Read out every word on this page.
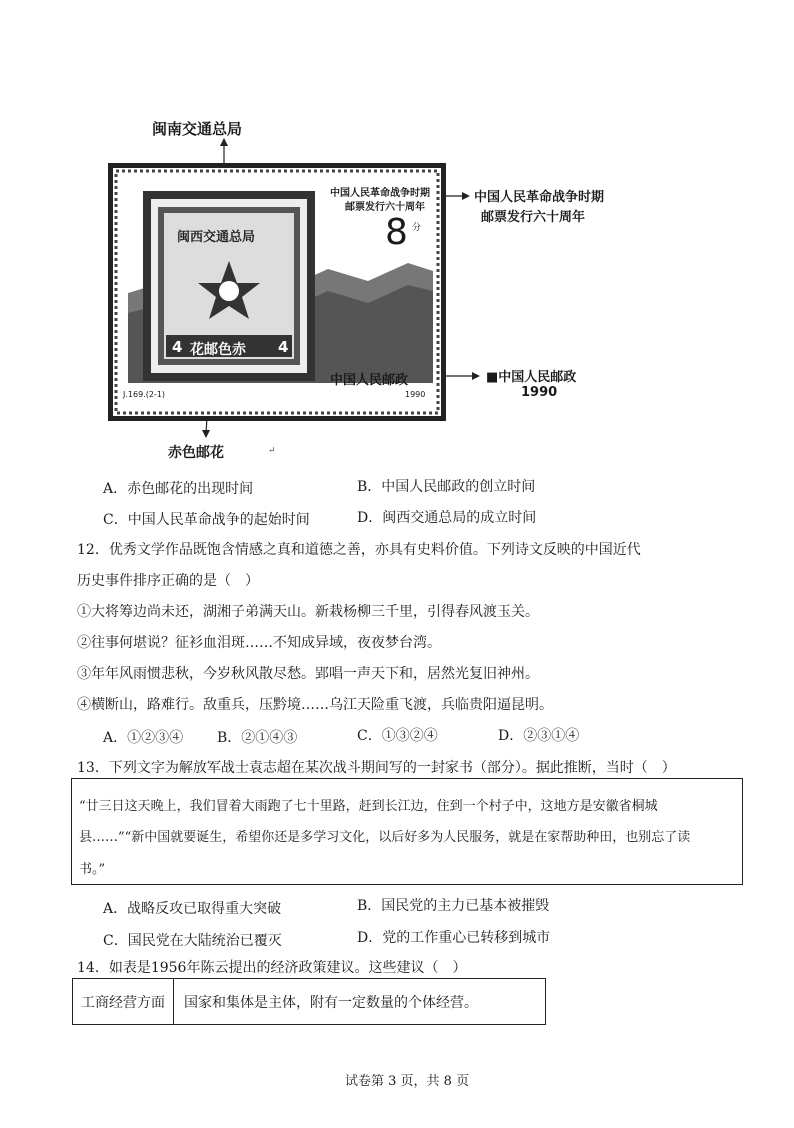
闽南交通总局
闽西交通总局
花邮色赤
4	4
中国人民革命战争时期
邮票发行六十周年
8 分
中国人民邮政
J.169.(2-1)	1990
中国人民革命战争时期
邮票发行六十周年
■中国人民邮政
1990
赤色邮花	↵
A．赤色邮花的出现时间	B．中国人民邮政的创立时间
C．中国人民革命战争的起始时间	D．闽西交通总局的成立时间
12．优秀文学作品既饱含情感之真和道德之善，亦具有史料价值。下列诗文反映的中国近代
历史事件排序正确的是（　）
①大将筹边尚未还，湖湘子弟满天山。新栽杨柳三千里，引得春风渡玉关。
②往事何堪说？征衫血泪斑……不知成异域，夜夜梦台湾。
③年年风雨惯悲秋，今岁秋风散尽愁。郢唱一声天下和，居然光复旧神州。
④横断山，路难行。敌重兵，压黔境……乌江天险重飞渡，兵临贵阳逼昆明。
A．①②③④ B．②①④③	C．①③②④	D．②③①④
13．下列文字为解放军战士袁志超在某次战斗期间写的一封家书（部分）。据此推断，当时（　）
“廿三日这天晚上，我们冒着大雨跑了七十里路，赶到长江边，住到一个村子中，这地方是安徽省桐城
县……”“新中国就要诞生，希望你还是多学习文化，以后好多为人民服务，就是在家帮助种田，也别忘了读
书。”
A．战略反攻已取得重大突破	B．国民党的主力已基本被摧毁
C．国民党在大陆统治已覆灭	D．党的工作重心已转移到城市
14．如表是1956年陈云提出的经济政策建议。这些建议（　）
工商经营方面	国家和集体是主体，附有一定数量的个体经营。
试卷第 3 页，共 8 页
